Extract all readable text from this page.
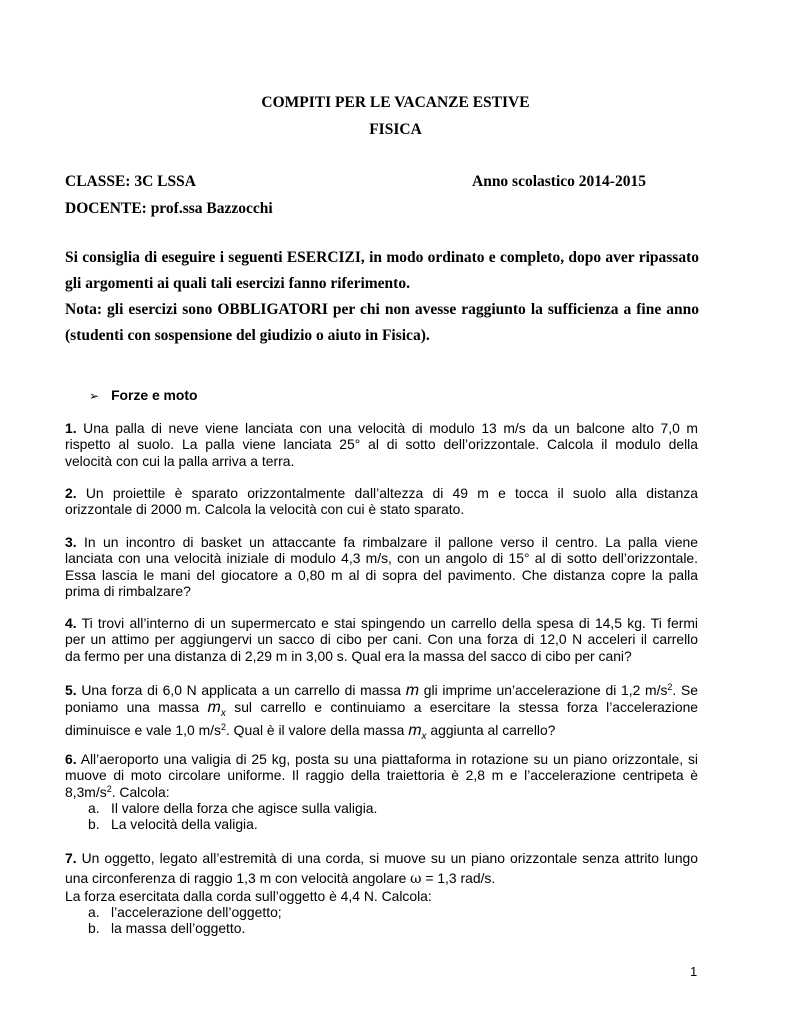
COMPITI PER LE VACANZE ESTIVE
FISICA
CLASSE: 3C LSSA	Anno scolastico 2014-2015
DOCENTE: prof.ssa Bazzocchi
Si consiglia di eseguire i seguenti ESERCIZI, in modo ordinato e completo, dopo aver ripassato
gli argomenti ai quali tali esercizi fanno riferimento.
Nota: gli esercizi sono OBBLIGATORI per chi non avesse raggiunto la sufficienza a fine anno
(studenti con sospensione del giudizio o aiuto in Fisica).
➢ Forze e moto
1. Una palla di neve viene lanciata con una velocità di modulo 13 m/s da un balcone alto 7,0 m
rispetto al suolo. La palla viene lanciata 25° al di sotto dell’orizzontale. Calcola il modulo della
velocità con cui la palla arriva a terra.
2. Un proiettile è sparato orizzontalmente dall’altezza di 49 m e tocca il suolo alla distanza
orizzontale di 2000 m. Calcola la velocità con cui è stato sparato.
3. In un incontro di basket un attaccante fa rimbalzare il pallone verso il centro. La palla viene
lanciata con una velocità iniziale di modulo 4,3 m/s, con un angolo di 15° al di sotto dell’orizzontale.
Essa lascia le mani del giocatore a 0,80 m al di sopra del pavimento. Che distanza copre la palla
prima di rimbalzare?
4. Ti trovi all’interno di un supermercato e stai spingendo un carrello della spesa di 14,5 kg. Ti fermi
per un attimo per aggiungervi un sacco di cibo per cani. Con una forza di 12,0 N acceleri il carrello
da fermo per una distanza di 2,29 m in 3,00 s. Qual era la massa del sacco di cibo per cani?
5. Una forza di 6,0 N applicata a un carrello di massa m gli imprime un’accelerazione di 1,2 $m/s^2$. Se
poniamo una massa $m_x$ sul carrello e continuiamo a esercitare la stessa forza l’accelerazione
diminuisce e vale 1,0 $m/s^2$. Qual è il valore della massa $m_x$ aggiunta al carrello?
6. All’aeroporto una valigia di 25 kg, posta su una piattaforma in rotazione su un piano orizzontale, si
muove di moto circolare uniforme. Il raggio della traiettoria è 2,8 m e l’accelerazione centripeta è
$8,3m/s^2$. Calcola:
a. Il valore della forza che agisce sulla valigia.
b. La velocità della valigia.
7. Un oggetto, legato all’estremità di una corda, si muove su un piano orizzontale senza attrito lungo
una circonferenza di raggio 1,3 m con velocità angolare ω = 1,3 rad/s.
La forza esercitata dalla corda sull’oggetto è 4,4 N. Calcola:
a. l’accelerazione dell’oggetto;
b. la massa dell’oggetto.
1
